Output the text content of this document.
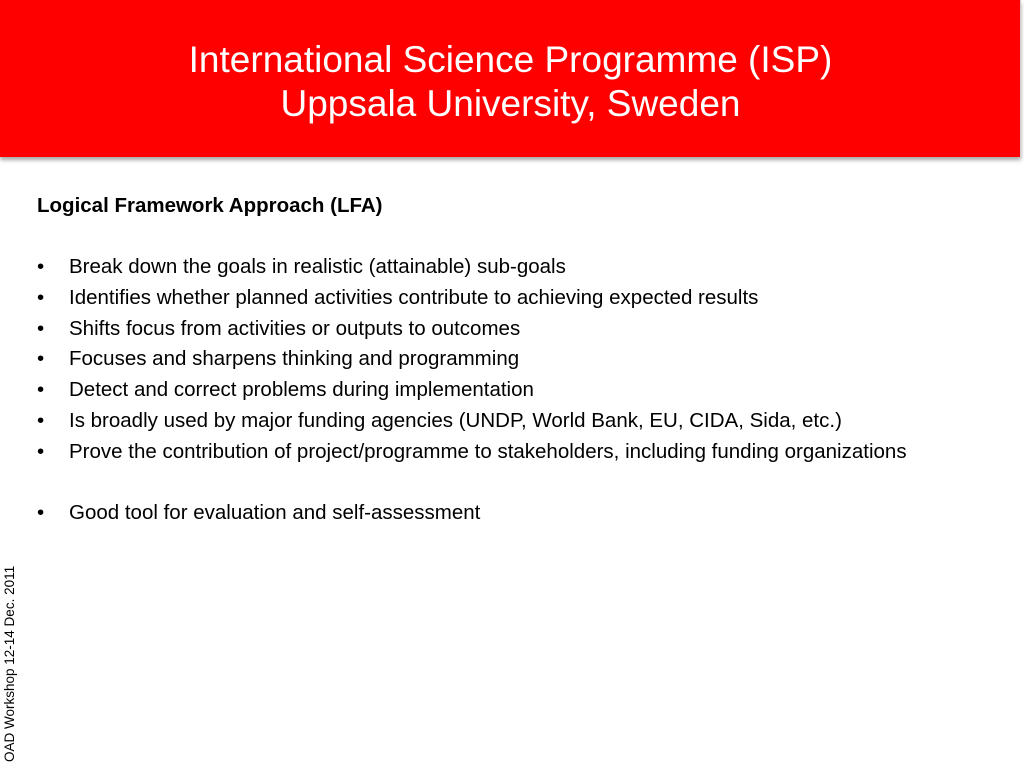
International Science Programme (ISP)
Uppsala University, Sweden

Logical Framework Approach (LFA)

•	Break down the goals in realistic (attainable) sub-goals
•	Identifies whether planned activities contribute to achieving expected results
•	Shifts focus from activities or outputs to outcomes
•	Focuses and sharpens thinking and programming
•	Detect and correct problems during implementation
•	Is broadly used by major funding agencies (UNDP, World Bank, EU, CIDA, Sida, etc.)
•	Prove the contribution of project/programme to stakeholders, including funding organizations
•	Good tool for evaluation and self-assessment
OAD Workshop 12-14 Dec. 2011
